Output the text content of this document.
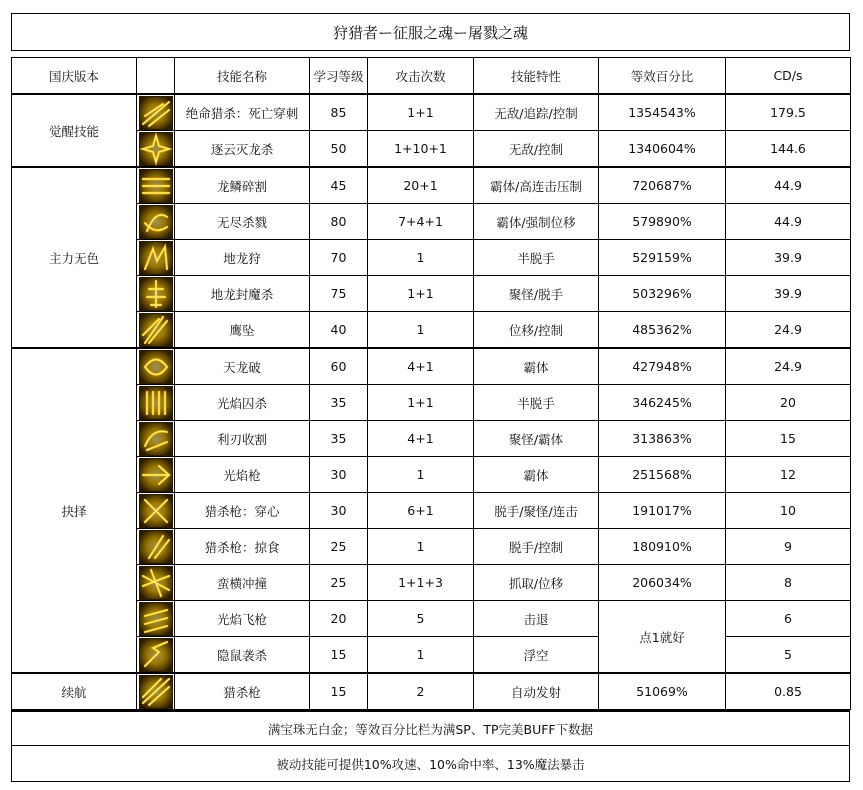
狩猎者ー征服之魂ー屠戮之魂
国庆版本		技能名称	学习等级	攻击次数	技能特性	等效百分比	CD/s
觉醒技能		绝命猎杀：死亡穿刺	85	1+1	无敌/追踪/控制	1354543%	179.5

	逐云灭龙杀	50	1+10+1	无敌/控制	1340604%	144.6
主力无色		龙鳞碎割	45	20+1	霸体/高连击压制	720687%	44.9

	无尽杀戮	80	7+4+1	霸体/强制位移	579890%	44.9

	地龙狩	70	1	半脱手	529159%	39.9

	地龙封魔杀	75	1+1	聚怪/脱手	503296%	39.9

	鹰坠	40	1	位移/控制	485362%	24.9
抉择		天龙破	60	4+1	霸体	427948%	24.9

	光焰囚杀	35	1+1	半脱手	346245%	20

	利刃收割	35	4+1	聚怪/霸体	313863%	15

	光焰枪	30	1	霸体	251568%	12

	猎杀枪：穿心	30	6+1	脱手/聚怪/连击	191017%	10

	猎杀枪：掠食	25	1	脱手/控制	180910%	9

	蛮横冲撞	25	1+1+3	抓取/位移	206034%	8

	光焰飞枪	20	5	击退	点1就好	6

	隐鼠袭杀	15	1	浮空		5
续航		猎杀枪	15	2	自动发射	51069%	0.85
满宝珠无白金；等效百分比栏为满SP、TP完美BUFF下数据
被动技能可提供10%攻速、10%命中率、13%魔法暴击
